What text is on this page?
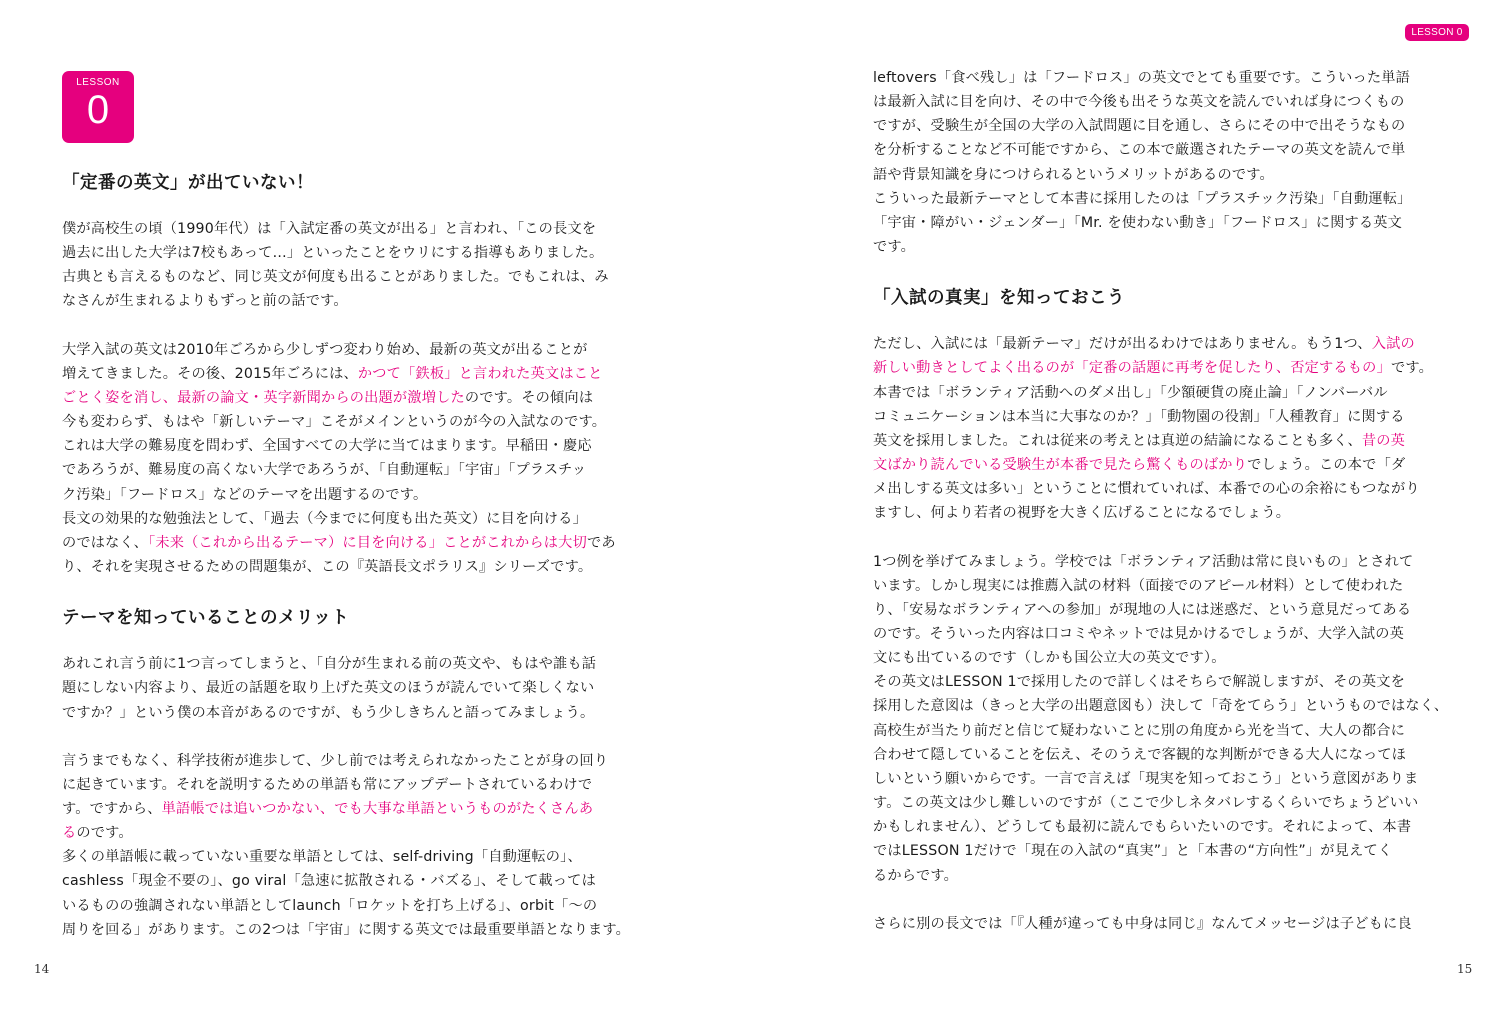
LESSON
0
「定番の英文」が出ていない！
僕が高校生の頃（1990年代）は「入試定番の英文が出る」と言われ、「この長文を
過去に出した大学は7校もあって…」といったことをウリにする指導もありました。
古典とも言えるものなど、同じ英文が何度も出ることがありました。でもこれは、み
なさんが生まれるよりもずっと前の話です。
大学入試の英文は2010年ごろから少しずつ変わり始め、最新の英文が出ることが
増えてきました。その後、2015年ごろには、かつて「鉄板」と言われた英文はこと
ごとく姿を消し、最新の論文・英字新聞からの出題が激増したのです。その傾向は
今も変わらず、もはや「新しいテーマ」こそがメインというのが今の入試なのです。
これは大学の難易度を問わず、全国すべての大学に当てはまります。早稲田・慶応
であろうが、難易度の高くない大学であろうが、「自動運転」「宇宙」「プラスチッ
ク汚染」「フードロス」などのテーマを出題するのです。
長文の効果的な勉強法として、「過去（今までに何度も出た英文）に目を向ける」
のではなく、「未来（これから出るテーマ）に目を向ける」ことがこれからは大切であ
り、それを実現させるための問題集が、この『英語長文ポラリス』シリーズです。
テーマを知っていることのメリット
あれこれ言う前に1つ言ってしまうと、「自分が生まれる前の英文や、もはや誰も話
題にしない内容より、最近の話題を取り上げた英文のほうが読んでいて楽しくない
ですか？」という僕の本音があるのですが、もう少しきちんと語ってみましょう。
言うまでもなく、科学技術が進歩して、少し前では考えられなかったことが身の回り
に起きています。それを説明するための単語も常にアップデートされているわけで
す。ですから、単語帳では追いつかない、でも大事な単語というものがたくさんあ
るのです。
多くの単語帳に載っていない重要な単語としては、self-driving「自動運転の」、
cashless「現金不要の」、go viral「急速に拡散される・バズる」、そして載っては
いるものの強調されない単語としてlaunch「ロケットを打ち上げる」、orbit「～の
周りを回る」があります。この2つは「宇宙」に関する英文では最重要単語となります。
14
LESSON 0
leftovers「食べ残し」は「フードロス」の英文でとても重要です。こういった単語
は最新入試に目を向け、その中で今後も出そうな英文を読んでいれば身につくもの
ですが、受験生が全国の大学の入試問題に目を通し、さらにその中で出そうなもの
を分析することなど不可能ですから、この本で厳選されたテーマの英文を読んで単
語や背景知識を身につけられるというメリットがあるのです。
こういった最新テーマとして本書に採用したのは「プラスチック汚染」「自動運転」
「宇宙・障がい・ジェンダー」「Mr. を使わない動き」「フードロス」に関する英文
です。
「入試の真実」を知っておこう
ただし、入試には「最新テーマ」だけが出るわけではありません。もう1つ、入試の
新しい動きとしてよく出るのが「定番の話題に再考を促したり、否定するもの」です。
本書では「ボランティア活動へのダメ出し」「少額硬貨の廃止論」「ノンバーバル
コミュニケーションは本当に大事なのか？」「動物園の役割」「人種教育」に関する
英文を採用しました。これは従来の考えとは真逆の結論になることも多く、昔の英
文ばかり読んでいる受験生が本番で見たら驚くものばかりでしょう。この本で「ダ
メ出しする英文は多い」ということに慣れていれば、本番での心の余裕にもつながり
ますし、何より若者の視野を大きく広げることになるでしょう。
1つ例を挙げてみましょう。学校では「ボランティア活動は常に良いもの」とされて
います。しかし現実には推薦入試の材料（面接でのアピール材料）として使われた
り、「安易なボランティアへの参加」が現地の人には迷惑だ、という意見だってある
のです。そういった内容は口コミやネットでは見かけるでしょうが、大学入試の英
文にも出ているのです（しかも国公立大の英文です）。
その英文はLESSON 1で採用したので詳しくはそちらで解説しますが、その英文を
採用した意図は（きっと大学の出題意図も）決して「奇をてらう」というものではなく、
高校生が当たり前だと信じて疑わないことに別の角度から光を当て、大人の都合に
合わせて隠していることを伝え、そのうえで客観的な判断ができる大人になってほ
しいという願いからです。一言で言えば「現実を知っておこう」という意図がありま
す。この英文は少し難しいのですが（ここで少しネタバレするくらいでちょうどいい
かもしれません）、どうしても最初に読んでもらいたいのです。それによって、本書
ではLESSON 1だけで「現在の入試の“真実”」と「本書の“方向性”」が見えてく
るからです。
さらに別の長文では「『人種が違っても中身は同じ』なんてメッセージは子どもに良
15
